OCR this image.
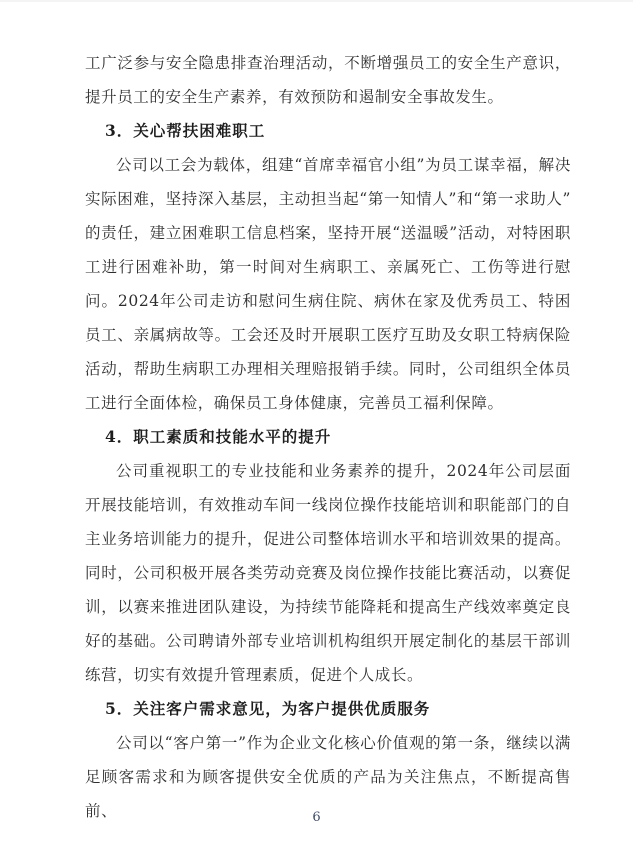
工广泛参与安全隐患排查治理活动，不断增强员工的安全生产意识，提升员工的安全生产素养，有效预防和遏制安全事故发生。

3．关心帮扶困难职工

公司以工会为载体，组建“首席幸福官小组”为员工谋幸福，解决实际困难，坚持深入基层，主动担当起“第一知情人”和“第一求助人”的责任，建立困难职工信息档案，坚持开展“送温暖”活动，对特困职工进行困难补助，第一时间对生病职工、亲属死亡、工伤等进行慰问。2024年公司走访和慰问生病住院、病休在家及优秀员工、特困员工、亲属病故等。工会还及时开展职工医疗互助及女职工特病保险活动，帮助生病职工办理相关理赔报销手续。同时，公司组织全体员工进行全面体检，确保员工身体健康，完善员工福利保障。

4．职工素质和技能水平的提升

公司重视职工的专业技能和业务素养的提升，2024年公司层面开展技能培训，有效推动车间一线岗位操作技能培训和职能部门的自主业务培训能力的提升，促进公司整体培训水平和培训效果的提高。同时，公司积极开展各类劳动竞赛及岗位操作技能比赛活动，以赛促训，以赛来推进团队建设，为持续节能降耗和提高生产线效率奠定良好的基础。公司聘请外部专业培训机构组织开展定制化的基层干部训练营，切实有效提升管理素质，促进个人成长。

5．关注客户需求意见，为客户提供优质服务

公司以“客户第一”作为企业文化核心价值观的第一条，继续以满足顾客需求和为顾客提供安全优质的产品为关注焦点，不断提高售前、	6
